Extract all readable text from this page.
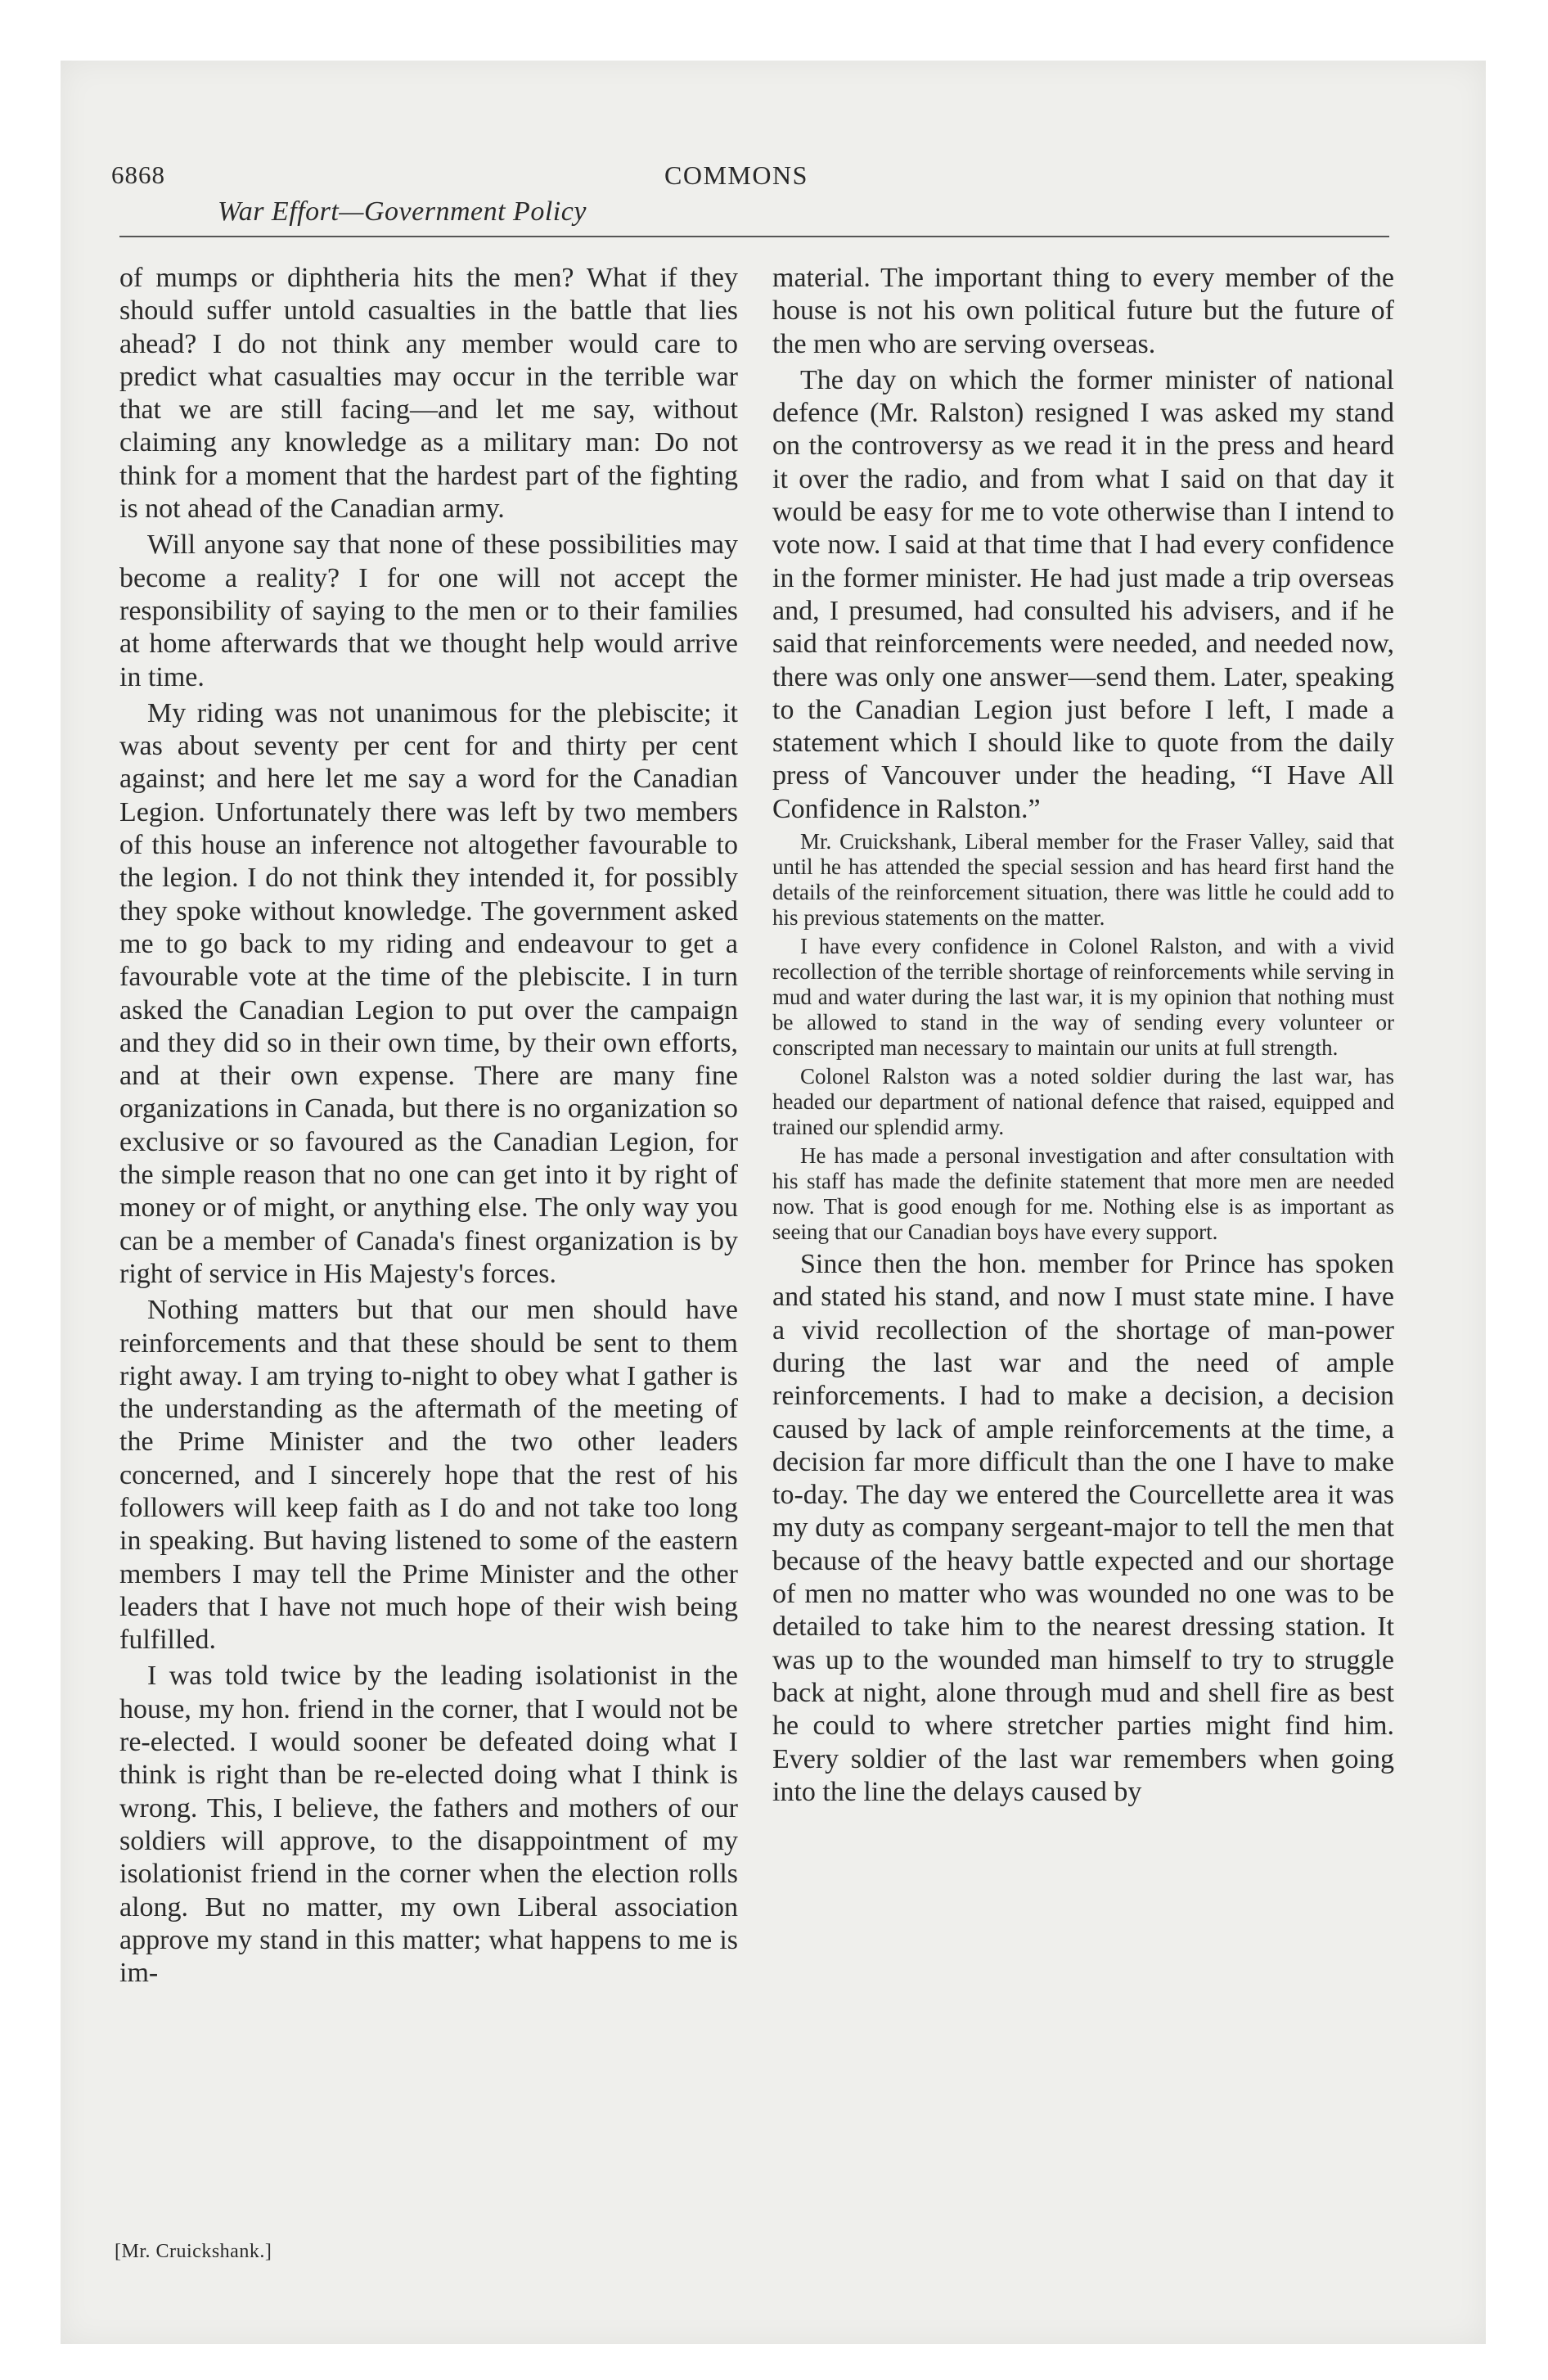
6868
War Effort—Government Policy
COMMONS

of mumps or diphtheria hits the men? What if they should suffer untold casualties in the battle that lies ahead? I do not think any member would care to predict what casualties may occur in the terrible war that we are still facing—and let me say, without claiming any knowledge as a military man: Do not think for a moment that the hardest part of the fighting is not ahead of the Canadian army.

Will anyone say that none of these possibilities may become a reality? I for one will not accept the responsibility of saying to the men or to their families at home afterwards that we thought help would arrive in time.

My riding was not unanimous for the plebiscite; it was about seventy per cent for and thirty per cent against; and here let me say a word for the Canadian Legion. Unfortunately there was left by two members of this house an inference not altogether favourable to the legion. I do not think they intended it, for possibly they spoke without knowledge. The government asked me to go back to my riding and endeavour to get a favourable vote at the time of the plebiscite. I in turn asked the Canadian Legion to put over the campaign and they did so in their own time, by their own efforts, and at their own expense. There are many fine organizations in Canada, but there is no organization so exclusive or so favoured as the Canadian Legion, for the simple reason that no one can get into it by right of money or of might, or anything else. The only way you can be a member of Canada's finest organization is by right of service in His Majesty's forces.

Nothing matters but that our men should have reinforcements and that these should be sent to them right away. I am trying to-night to obey what I gather is the understanding as the aftermath of the meeting of the Prime Minister and the two other leaders concerned, and I sincerely hope that the rest of his followers will keep faith as I do and not take too long in speaking. But having listened to some of the eastern members I may tell the Prime Minister and the other leaders that I have not much hope of their wish being fulfilled.

I was told twice by the leading isolationist in the house, my hon. friend in the corner, that I would not be re-elected. I would sooner be defeated doing what I think is right than be re-elected doing what I think is wrong. This, I believe, the fathers and mothers of our soldiers will approve, to the disappointment of my isolationist friend in the corner when the election rolls along. But no matter, my own Liberal association approve my stand in this matter; what happens to me is im-

material. The important thing to every member of the house is not his own political future but the future of the men who are serving overseas.

The day on which the former minister of national defence (Mr. Ralston) resigned I was asked my stand on the controversy as we read it in the press and heard it over the radio, and from what I said on that day it would be easy for me to vote otherwise than I intend to vote now. I said at that time that I had every confidence in the former minister. He had just made a trip overseas and, I presumed, had consulted his advisers, and if he said that reinforcements were needed, and needed now, there was only one answer—send them. Later, speaking to the Canadian Legion just before I left, I made a statement which I should like to quote from the daily press of Vancouver under the heading, “I Have All Confidence in Ralston.”

Mr. Cruickshank, Liberal member for the Fraser Valley, said that until he has attended the special session and has heard first hand the details of the reinforcement situation, there was little he could add to his previous statements on the matter.

I have every confidence in Colonel Ralston, and with a vivid recollection of the terrible shortage of reinforcements while serving in mud and water during the last war, it is my opinion that nothing must be allowed to stand in the way of sending every volunteer or conscripted man necessary to maintain our units at full strength.

Colonel Ralston was a noted soldier during the last war, has headed our department of national defence that raised, equipped and trained our splendid army.

He has made a personal investigation and after consultation with his staff has made the definite statement that more men are needed now. That is good enough for me. Nothing else is as important as seeing that our Canadian boys have every support.

Since then the hon. member for Prince has spoken and stated his stand, and now I must state mine. I have a vivid recollection of the shortage of man-power during the last war and the need of ample reinforcements. I had to make a decision, a decision caused by lack of ample reinforcements at the time, a decision far more difficult than the one I have to make to-day. The day we entered the Courcellette area it was my duty as company sergeant-major to tell the men that because of the heavy battle expected and our shortage of men no matter who was wounded no one was to be detailed to take him to the nearest dressing station. It was up to the wounded man himself to try to struggle back at night, alone through mud and shell fire as best he could to where stretcher parties might find him. Every soldier of the last war remembers when going into the line the delays caused by

[Mr. Cruickshank.]
